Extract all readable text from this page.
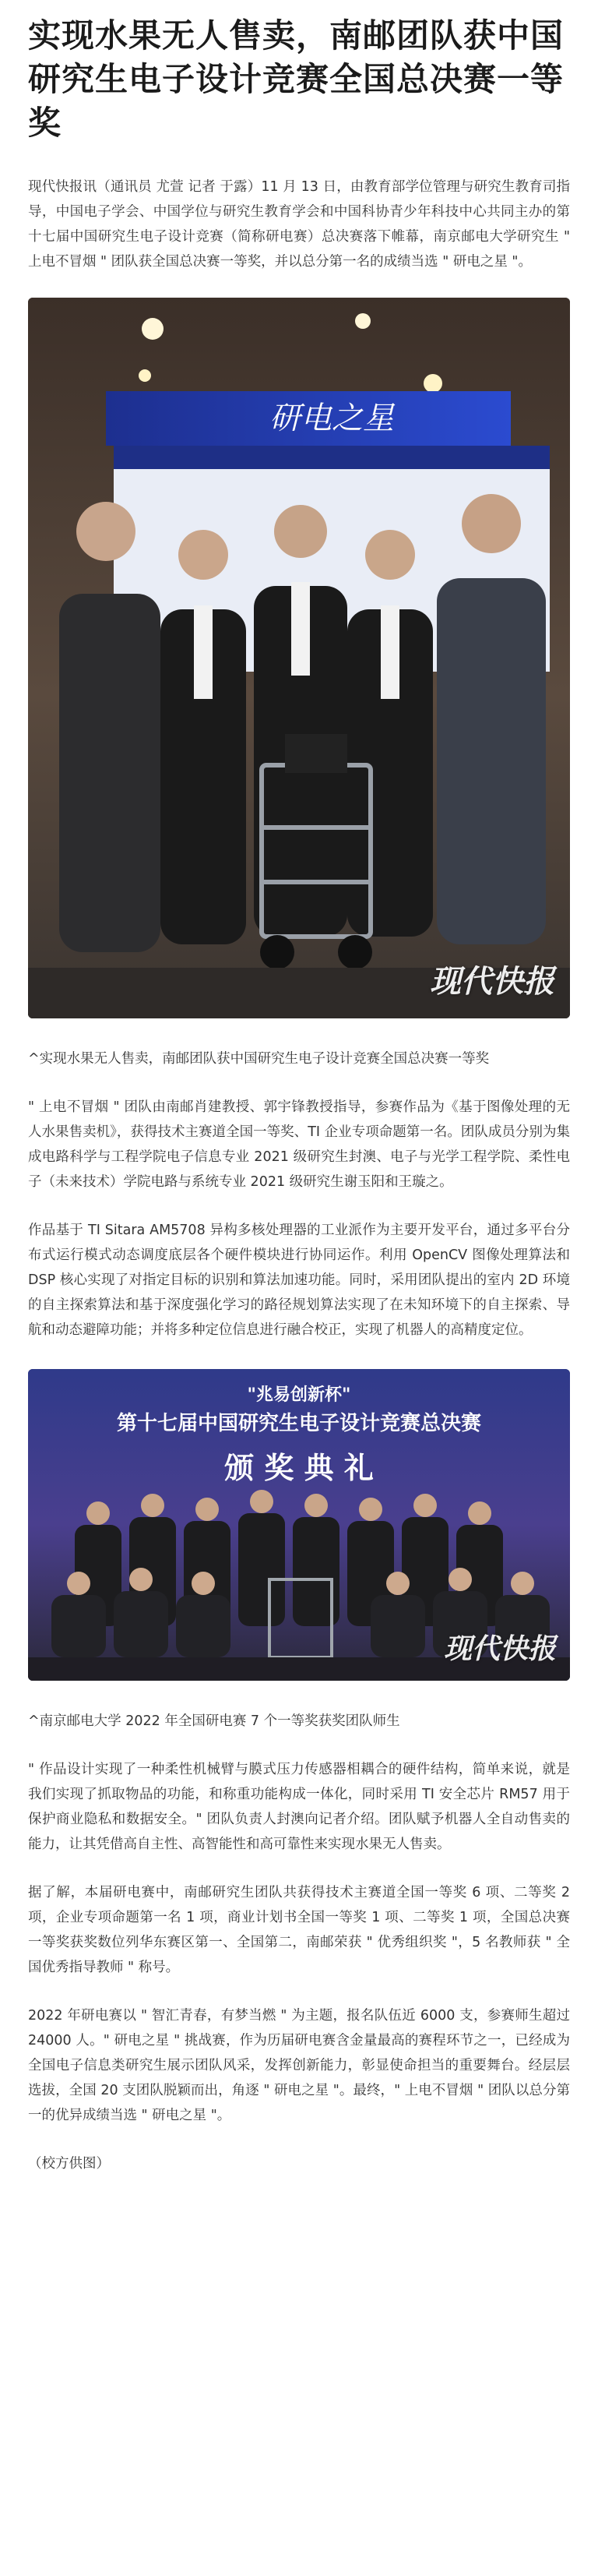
实现水果无人售卖，南邮团队获中国研究生电子设计竞赛全国总决赛一等奖

现代快报讯（通讯员 尤萱 记者 于露）11 月 13 日，由教育部学位管理与研究生教育司指导，中国电子学会、中国学位与研究生教育学会和中国科协青少年科技中心共同主办的第十七届中国研究生电子设计竞赛（简称研电赛）总决赛落下帷幕，南京邮电大学研究生 " 上电不冒烟 " 团队获全国总决赛一等奖，并以总分第一名的成绩当选 " 研电之星 "。

研电之星
现代快报

^实现水果无人售卖，南邮团队获中国研究生电子设计竞赛全国总决赛一等奖

" 上电不冒烟 " 团队由南邮肖建教授、郭宇锋教授指导，参赛作品为《基于图像处理的无人水果售卖机》，获得技术主赛道全国一等奖、TI 企业专项命题第一名。团队成员分别为集成电路科学与工程学院电子信息专业 2021 级研究生封澳、电子与光学工程学院、柔性电子（未来技术）学院电路与系统专业 2021 级研究生谢玉阳和王璇之。

作品基于 TI Sitara AM5708 异构多核处理器的工业派作为主要开发平台，通过多平台分布式运行模式动态调度底层各个硬件模块进行协同运作。利用 OpenCV 图像处理算法和 DSP 核心实现了对指定目标的识别和算法加速功能。同时，采用团队提出的室内 2D 环境的自主探索算法和基于深度强化学习的路径规划算法实现了在未知环境下的自主探索、导航和动态避障功能；并将多种定位信息进行融合校正，实现了机器人的高精度定位。

"兆易创新杯"
第十七届中国研究生电子设计竞赛总决赛
颁 奖 典 礼
现代快报

^南京邮电大学 2022 年全国研电赛 7 个一等奖获奖团队师生

" 作品设计实现了一种柔性机械臂与膜式压力传感器相耦合的硬件结构，简单来说，就是我们实现了抓取物品的功能，和称重功能构成一体化，同时采用 TI 安全芯片 RM57 用于保护商业隐私和数据安全。" 团队负责人封澳向记者介绍。团队赋予机器人全自动售卖的能力，让其凭借高自主性、高智能性和高可靠性来实现水果无人售卖。

据了解，本届研电赛中，南邮研究生团队共获得技术主赛道全国一等奖 6 项、二等奖 2 项，企业专项命题第一名 1 项，商业计划书全国一等奖 1 项、二等奖 1 项，全国总决赛一等奖获奖数位列华东赛区第一、全国第二，南邮荣获 " 优秀组织奖 "，5 名教师获 " 全国优秀指导教师 " 称号。

2022 年研电赛以 " 智汇青春，有梦当燃 " 为主题，报名队伍近 6000 支，参赛师生超过 24000 人。" 研电之星 " 挑战赛，作为历届研电赛含金量最高的赛程环节之一，已经成为全国电子信息类研究生展示团队风采，发挥创新能力，彰显使命担当的重要舞台。经层层选拔，全国 20 支团队脱颖而出，角逐 " 研电之星 "。最终，" 上电不冒烟 " 团队以总分第一的优异成绩当选 " 研电之星 "。

（校方供图）
